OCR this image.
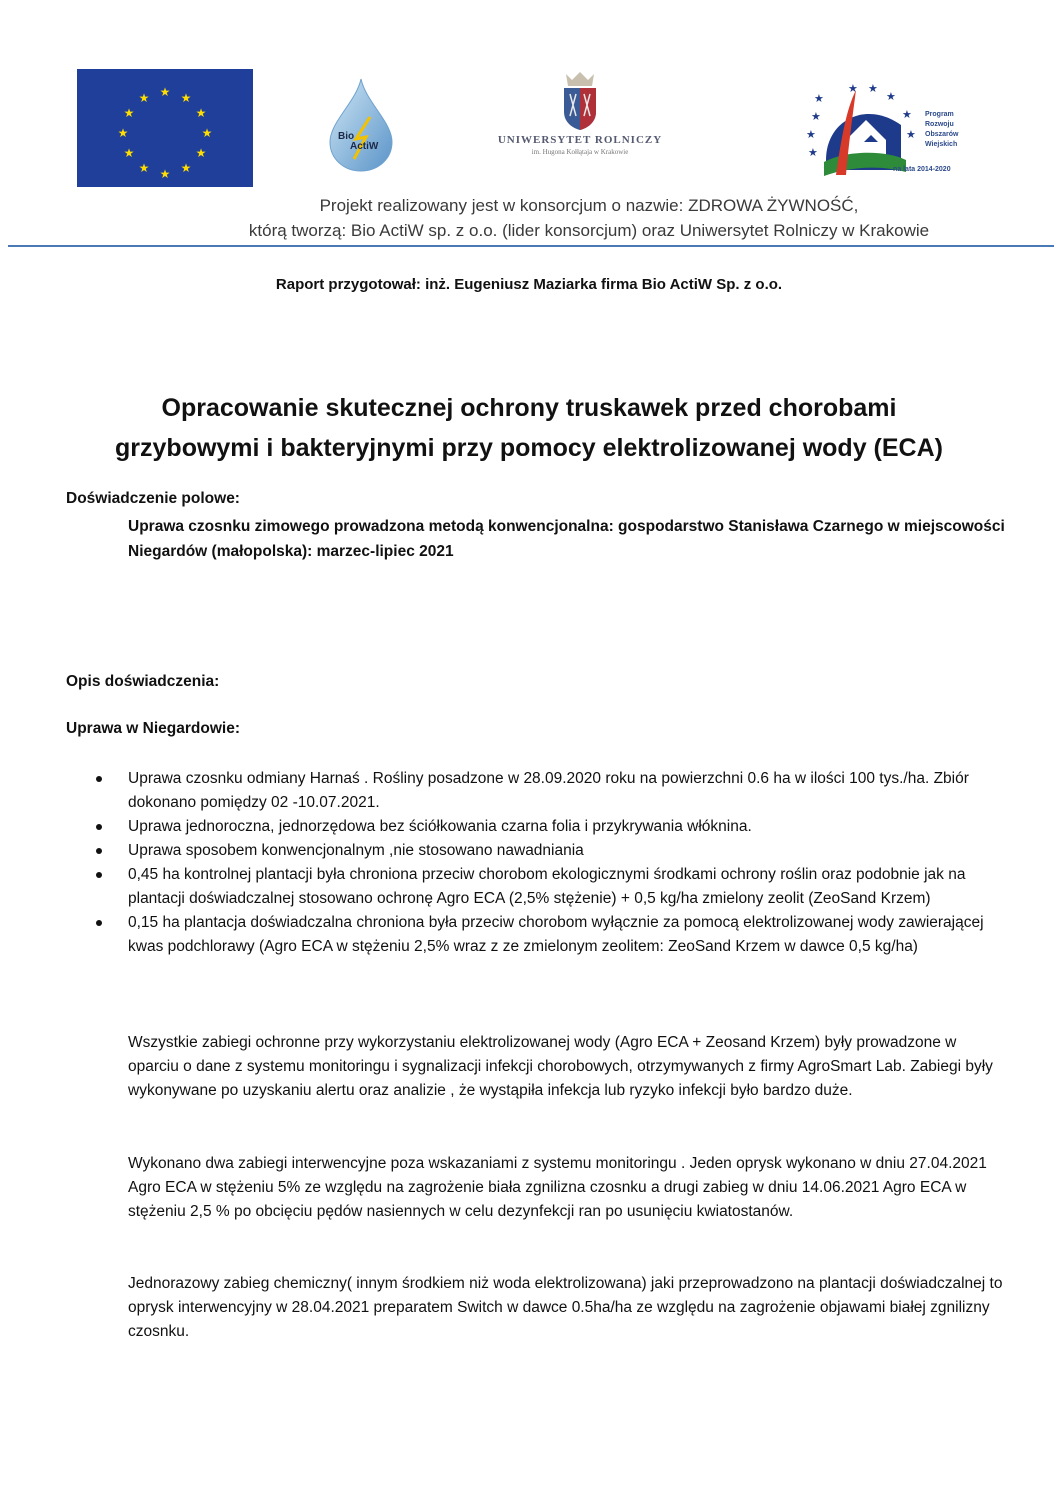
★ ★
★
★
★
★
★
★
★
★
★
★
Bio
ActiW
UNIWERSYTET ROLNICZY
im. Hugona Kołłątaja w Krakowie
★
★
★
★
★ ★
★
★
★
Program
Rozwoju
Obszarów
Wiejskich
na lata 2014-2020
Projekt realizowany jest w konsorcjum o nazwie: ZDROWA ŻYWNOŚĆ,
którą tworzą: Bio ActiW sp. z o.o. (lider konsorcjum) oraz Uniwersytet Rolniczy w Krakowie
Raport przygotował: inż. Eugeniusz Maziarka firma Bio ActiW Sp. z o.o.
Opracowanie skutecznej ochrony truskawek przed chorobami
grzybowymi i bakteryjnymi przy pomocy elektrolizowanej wody (ECA)
Doświadczenie polowe:
Uprawa czosnku zimowego prowadzona metodą konwencjonalna: gospodarstwo Stanisława Czarnego w miejscowości Niegardów (małopolska): marzec-lipiec 2021
Opis doświadczenia:
Uprawa w Niegardowie:
Uprawa czosnku odmiany Harnaś . Rośliny posadzone w 28.09.2020 roku na powierzchni 0.6 ha w ilości 100 tys./ha. Zbiór dokonano pomiędzy 02 -10.07.2021.
Uprawa jednoroczna, jednorzędowa bez ściółkowania czarna folia i przykrywania włóknina.
Uprawa sposobem konwencjonalnym ,nie stosowano nawadniania
0,45 ha kontrolnej plantacji była chroniona przeciw chorobom ekologicznymi środkami ochrony roślin oraz podobnie jak na plantacji doświadczalnej stosowano ochronę Agro ECA (2,5% stężenie) + 0,5 kg/ha zmielony zeolit (ZeoSand Krzem)
0,15 ha plantacja doświadczalna chroniona była przeciw chorobom wyłącznie za pomocą elektrolizowanej wody zawierającej kwas podchlorawy (Agro ECA w stężeniu 2,5% wraz z ze zmielonym zeolitem: ZeoSand Krzem w dawce 0,5 kg/ha)
Wszystkie zabiegi ochronne przy wykorzystaniu elektrolizowanej wody (Agro ECA + Zeosand Krzem) były prowadzone w oparciu o dane z systemu monitoringu i sygnalizacji infekcji chorobowych, otrzymywanych z firmy AgroSmart Lab. Zabiegi były wykonywane po uzyskaniu alertu oraz analizie , że wystąpiła infekcja lub ryzyko infekcji było bardzo duże.
Wykonano dwa zabiegi interwencyjne poza wskazaniami z systemu monitoringu . Jeden oprysk wykonano w dniu 27.04.2021 Agro ECA w stężeniu 5% ze względu na zagrożenie biała zgnilizna czosnku a drugi zabieg w dniu 14.06.2021 Agro ECA w stężeniu 2,5 % po obcięciu pędów nasiennych w celu dezynfekcji ran po usunięciu kwiatostanów.
Jednorazowy zabieg chemiczny( innym środkiem niż woda elektrolizowana) jaki przeprowadzono na plantacji doświadczalnej to oprysk interwencyjny w 28.04.2021 preparatem Switch w dawce 0.5ha/ha ze względu na zagrożenie objawami białej zgnilizny czosnku.
